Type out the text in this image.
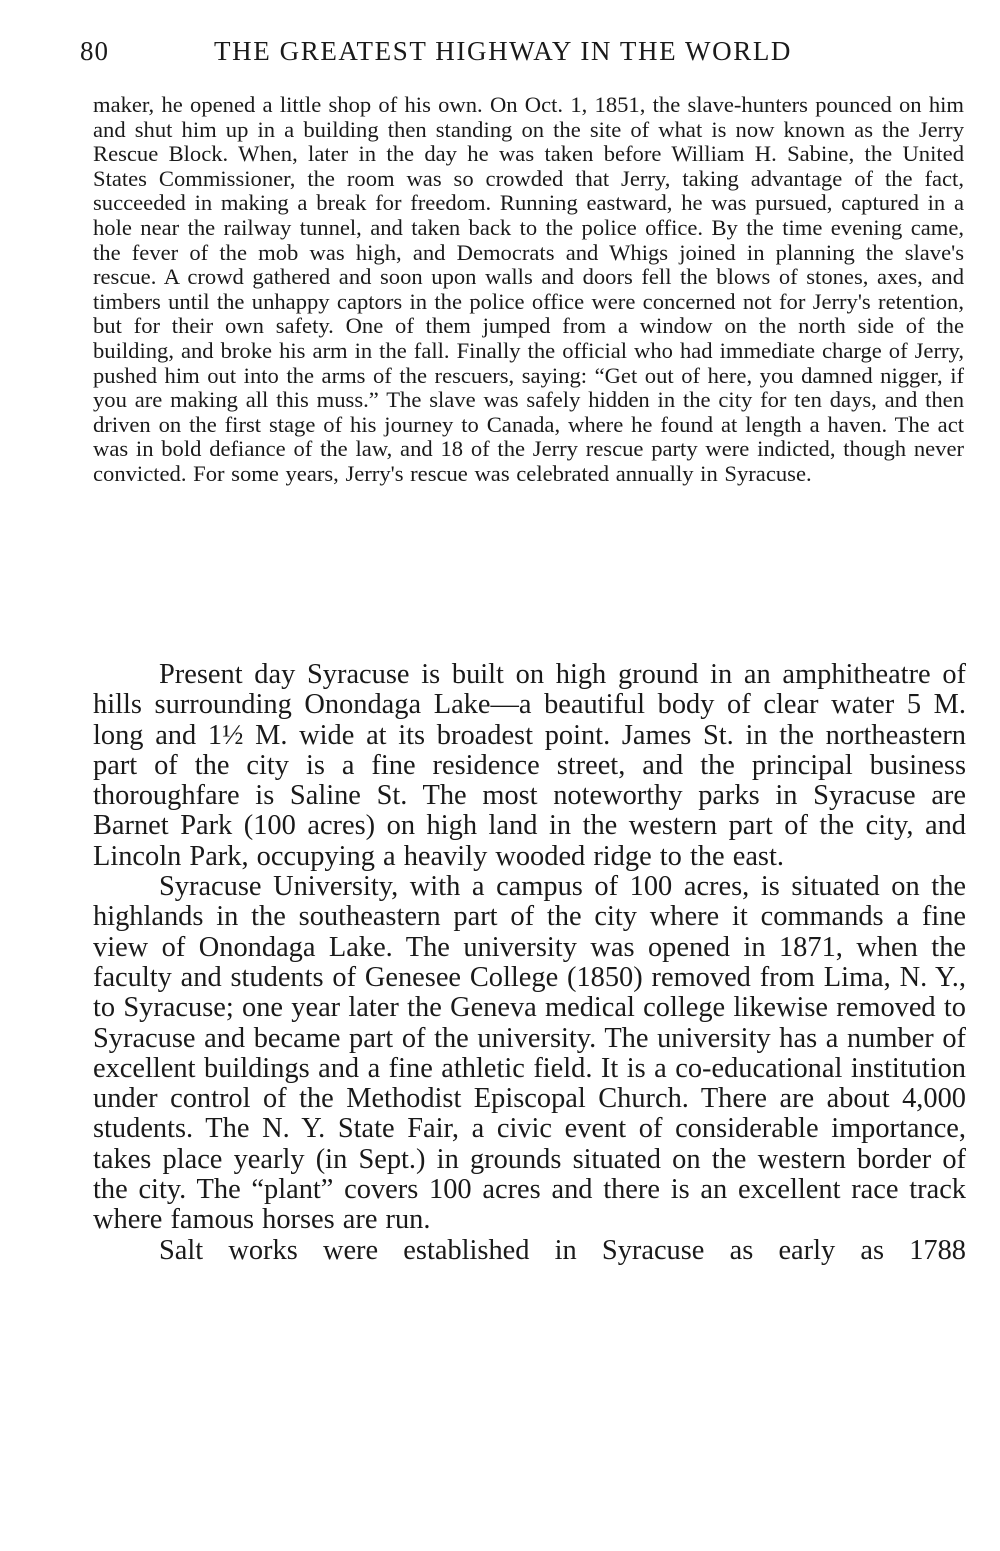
80	THE GREATEST HIGHWAY IN THE WORLD

maker, he opened a little shop of his own. On Oct. 1, 1851, the slave-hunters pounced on him and shut him up in a building then standing on the site of what is now known as the Jerry Rescue Block. When, later in the day he was taken before William H. Sabine, the United States Commissioner, the room was so crowded that Jerry, taking advantage of the fact, succeeded in making a break for freedom. Running eastward, he was pursued, captured in a hole near the railway tunnel, and taken back to the police office. By the time evening came, the fever of the mob was high, and Democrats and Whigs joined in planning the slave's rescue. A crowd gathered and soon upon walls and doors fell the blows of stones, axes, and timbers until the unhappy captors in the police office were concerned not for Jerry's retention, but for their own safety. One of them jumped from a window on the north side of the building, and broke his arm in the fall. Finally the official who had immediate charge of Jerry, pushed him out into the arms of the rescuers, saying: “Get out of here, you damned nigger, if you are making all this muss.” The slave was safely hidden in the city for ten days, and then driven on the first stage of his journey to Canada, where he found at length a haven. The act was in bold defiance of the law, and 18 of the Jerry rescue party were indicted, though never convicted. For some years, Jerry's rescue was celebrated annually in Syracuse.

Present day Syracuse is built on high ground in an amphitheatre of hills surrounding Onondaga Lake—a beautiful body of clear water 5 M. long and 1½ M. wide at its broadest point. James St. in the northeastern part of the city is a fine residence street, and the principal business thoroughfare is Saline St. The most noteworthy parks in Syracuse are Barnet Park (100 acres) on high land in the western part of the city, and Lincoln Park, occupying a heavily wooded ridge to the east.

Syracuse University, with a campus of 100 acres, is situated on the highlands in the southeastern part of the city where it commands a fine view of Onondaga Lake. The university was opened in 1871, when the faculty and students of Genesee College (1850) removed from Lima, N. Y., to Syracuse; one year later the Geneva medical college likewise removed to Syracuse and became part of the university. The university has a number of excellent buildings and a fine athletic field. It is a co-educational institution under control of the Methodist Episcopal Church. There are about 4,000 students. The N. Y. State Fair, a civic event of considerable importance, takes place yearly (in Sept.) in grounds situated on the western border of the city. The “plant” covers 100 acres and there is an excellent race track where famous horses are run.

Salt works were established in Syracuse as early as 1788
